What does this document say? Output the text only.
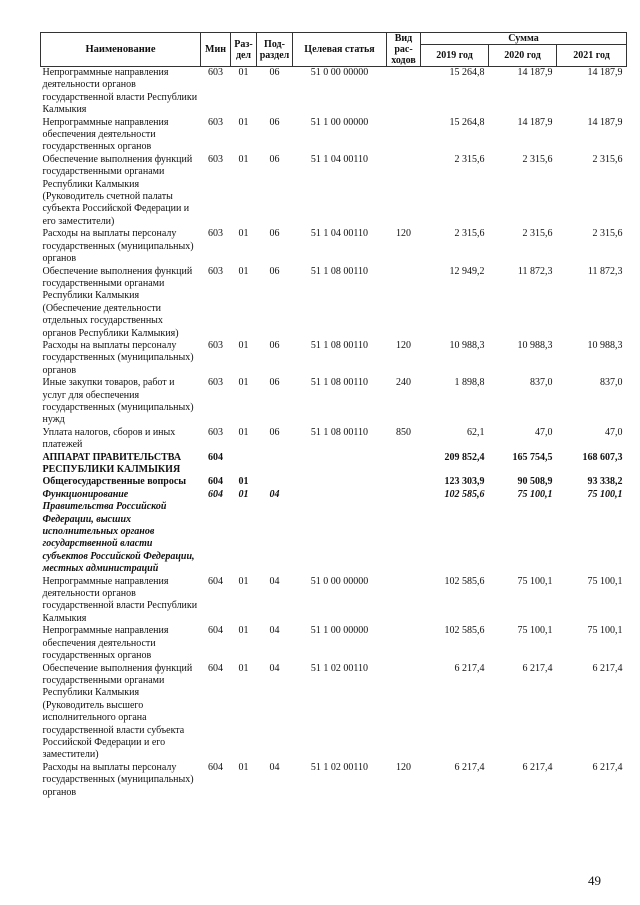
Наименование	Мин	Раз-дел	Под-раздел	Целевая статья	Вид рас-ходов	Сумма		
						2019 год	2020 год	2021 год
Непрограммные направления деятельности органов государственной власти Республики Калмыкия	603	01	06	51 0 00 00000		15 264,8	14 187,9	14 187,9
Непрограммные направления обеспечения деятельности государственных органов	603	01	06	51 1 00 00000		15 264,8	14 187,9	14 187,9
Обеспечение выполнения функций государственными органами Республики Калмыкия (Руководитель счетной палаты субъекта Российской Федерации и его заместители)	603	01	06	51 1 04 00110		2 315,6	2 315,6	2 315,6
Расходы на выплаты персоналу государственных (муниципальных) органов	603	01	06	51 1 04 00110	120	2 315,6	2 315,6	2 315,6
Обеспечение выполнения функций государственными органами Республики Калмыкия (Обеспечение деятельности отдельных государственных органов Республики Калмыкия)	603	01	06	51 1 08 00110		12 949,2	11 872,3	11 872,3
Расходы на выплаты персоналу государственных (муниципальных) органов	603	01	06	51 1 08 00110	120	10 988,3	10 988,3	10 988,3
Иные закупки товаров, работ и услуг для обеспечения государственных (муниципальных) нужд	603	01	06	51 1 08 00110	240	1 898,8	837,0	837,0
Уплата налогов, сборов и иных платежей	603	01	06	51 1 08 00110	850	62,1	47,0	47,0
АППАРАТ ПРАВИТЕЛЬСТВА РЕСПУБЛИКИ КАЛМЫКИЯ	604					209 852,4	165 754,5	168 607,3
Общегосударственные вопросы	604	01				123 303,9	90 508,9	93 338,2
Функционирование Правительства Российской Федерации, высших исполнительных органов государственной власти субъектов Российской Федерации, местных администраций	604	01	04			102 585,6	75 100,1	75 100,1
Непрограммные направления деятельности органов государственной власти Республики Калмыкия	604	01	04	51 0 00 00000		102 585,6	75 100,1	75 100,1
Непрограммные направления обеспечения деятельности государственных органов	604	01	04	51 1 00 00000		102 585,6	75 100,1	75 100,1
Обеспечение выполнения функций государственными органами Республики Калмыкия (Руководитель высшего исполнительного органа государственной власти субъекта Российской Федерации и его заместители)	604	01	04	51 1 02 00110		6 217,4	6 217,4	6 217,4
Расходы на выплаты персоналу государственных (муниципальных) органов	604	01	04	51 1 02 00110	120	6 217,4	6 217,4	6 217,4
49
